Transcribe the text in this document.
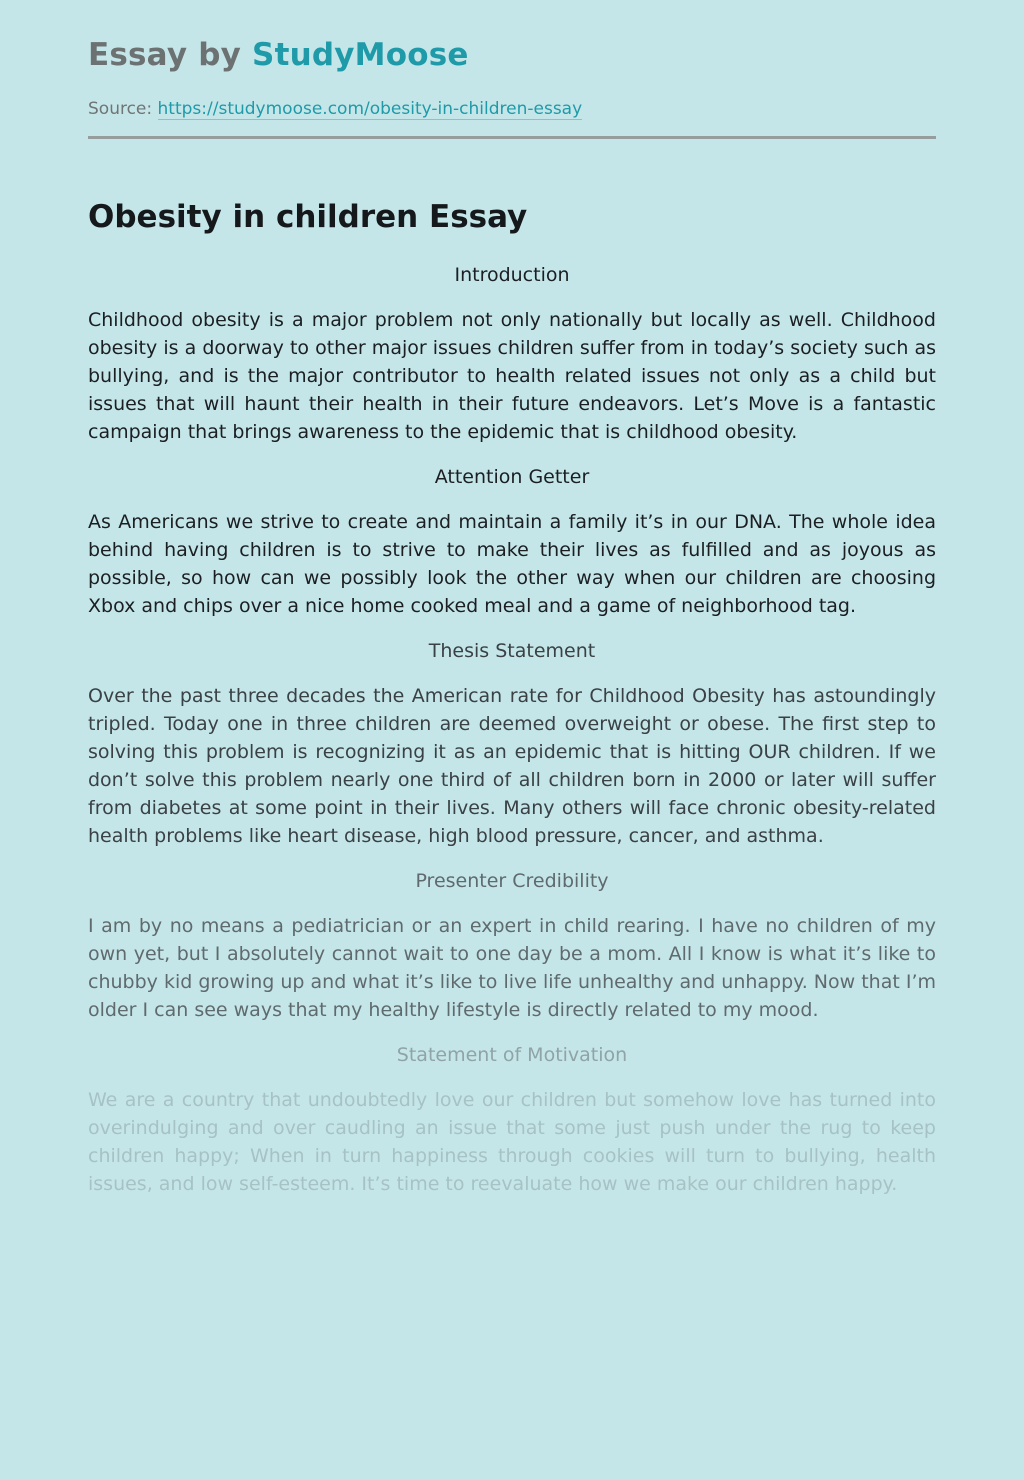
Essay by StudyMoose
Source: https://studymoose.com/obesity-in-children-essay
Obesity in children Essay
Introduction

Childhood obesity is a major problem not only nationally but locally as well. Childhood obesity is a doorway to other major issues children suffer from in today’s society such as bullying, and is the major contributor to health related issues not only as a child but issues that will haunt their health in their future endeavors. Let’s Move is a fantastic campaign that brings awareness to the epidemic that is childhood obesity.

Attention Getter

As Americans we strive to create and maintain a family it’s in our DNA. The whole idea behind having children is to strive to make their lives as fulfilled and as joyous as possible, so how can we possibly look the other way when our children are choosing Xbox and chips over a nice home cooked meal and a game of neighborhood tag.

Thesis Statement

Over the past three decades the American rate for Childhood Obesity has astoundingly tripled. Today one in three children are deemed overweight or obese. The first step to solving this problem is recognizing it as an epidemic that is hitting OUR children. If we don’t solve this problem nearly one third of all children born in 2000 or later will suffer from diabetes at some point in their lives. Many others will face chronic obesity-related health problems like heart disease, high blood pressure, cancer, and asthma.

Presenter Credibility

I am by no means a pediatrician or an expert in child rearing. I have no children of my own yet, but I absolutely cannot wait to one day be a mom. All I know is what it’s like to chubby kid growing up and what it’s like to live life unhealthy and unhappy. Now that I’m older I can see ways that my healthy lifestyle is directly related to my mood.

Statement of Motivation

We are a country that undoubtedly love our children but somehow love has turned into overindulging and over caudling an issue that some just push under the rug to keep children happy; When in turn happiness through cookies will turn to bullying, health issues, and low self-esteem. It’s time to reevaluate how we make our children happy.
